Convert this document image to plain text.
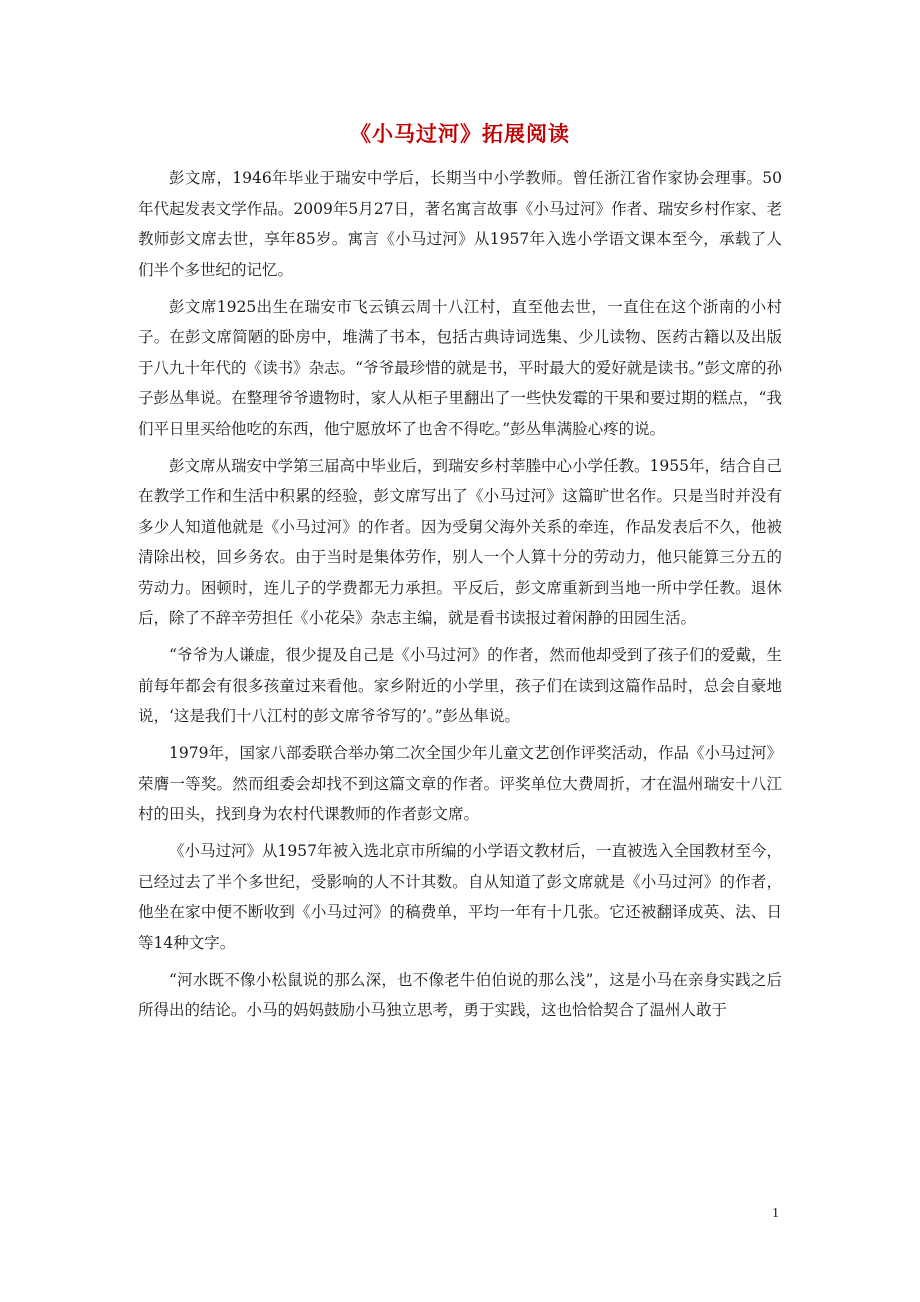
《小马过河》拓展阅读

彭文席，1946年毕业于瑞安中学后，长期当中小学教师。曾任浙江省作家协会理事。50年代起发表文学作品。2009年5月27日，著名寓言故事《小马过河》作者、瑞安乡村作家、老教师彭文席去世，享年85岁。寓言《小马过河》从1957年入选小学语文课本至今，承载了人们半个多世纪的记忆。

彭文席1925出生在瑞安市飞云镇云周十八江村，直至他去世，一直住在这个浙南的小村子。在彭文席简陋的卧房中，堆满了书本，包括古典诗词选集、少儿读物、医药古籍以及出版于八九十年代的《读书》杂志。“爷爷最珍惜的就是书，平时最大的爱好就是读书。”彭文席的孙子彭丛隼说。在整理爷爷遗物时，家人从柜子里翻出了一些快发霉的干果和要过期的糕点，“我们平日里买给他吃的东西，他宁愿放坏了也舍不得吃。”彭丛隼满脸心疼的说。

彭文席从瑞安中学第三届高中毕业后，到瑞安乡村莘塍中心小学任教。1955年，结合自己在教学工作和生活中积累的经验，彭文席写出了《小马过河》这篇旷世名作。只是当时并没有多少人知道他就是《小马过河》的作者。因为受舅父海外关系的牵连，作品发表后不久，他被清除出校，回乡务农。由于当时是集体劳作，别人一个人算十分的劳动力，他只能算三分五的劳动力。困顿时，连儿子的学费都无力承担。平反后，彭文席重新到当地一所中学任教。退休后，除了不辞辛劳担任《小花朵》杂志主编，就是看书读报过着闲静的田园生活。

“爷爷为人谦虚，很少提及自己是《小马过河》的作者，然而他却受到了孩子们的爱戴，生前每年都会有很多孩童过来看他。家乡附近的小学里，孩子们在读到这篇作品时，总会自豪地说，‘这是我们十八江村的彭文席爷爷写的’。”彭丛隼说。

1979年，国家八部委联合举办第二次全国少年儿童文艺创作评奖活动，作品《小马过河》荣膺一等奖。然而组委会却找不到这篇文章的作者。评奖单位大费周折，才在温州瑞安十八江村的田头，找到身为农村代课教师的作者彭文席。

《小马过河》从1957年被入选北京市所编的小学语文教材后，一直被选入全国教材至今，已经过去了半个多世纪，受影响的人不计其数。自从知道了彭文席就是《小马过河》的作者，他坐在家中便不断收到《小马过河》的稿费单，平均一年有十几张。它还被翻译成英、法、日等14种文字。

“河水既不像小松鼠说的那么深，也不像老牛伯伯说的那么浅”，这是小马在亲身实践之后所得出的结论。小马的妈妈鼓励小马独立思考，勇于实践，这也恰恰契合了温州人敢于

1
